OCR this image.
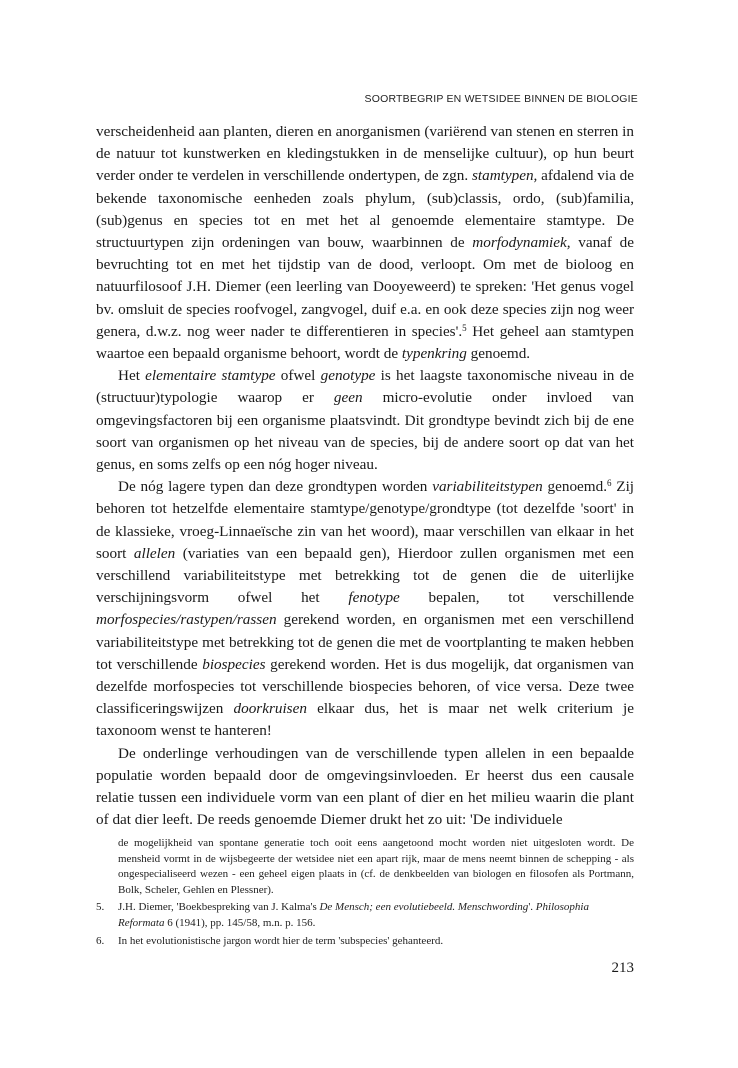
SOORTBEGRIP EN WETSIDEE BINNEN DE BIOLOGIE

verscheidenheid aan planten, dieren en anorganismen (variërend van stenen en sterren in de natuur tot kunstwerken en kledingstukken in de menselijke cultuur), op hun beurt verder onder te verdelen in verschillende ondertypen, de zgn. stamtypen, afdalend via de bekende taxonomische eenheden zoals phylum, (sub)classis, ordo, (sub)familia, (sub)genus en species tot en met het al genoemde elementaire stamtype. De structuurtypen zijn ordeningen van bouw, waarbinnen de morfodynamiek, vanaf de bevruchting tot en met het tijdstip van de dood, verloopt. Om met de bioloog en natuurfilosoof J.H. Diemer (een leerling van Dooyeweerd) te spreken: 'Het genus vogel bv. omsluit de species roofvogel, zangvogel, duif e.a. en ook deze species zijn nog weer genera, d.w.z. nog weer nader te differentieren in species'.$^5$ Het geheel aan stamtypen waartoe een bepaald organisme behoort, wordt de typenkring genoemd.

Het elementaire stamtype ofwel genotype is het laagste taxonomische niveau in de (structuur)typologie waarop er geen micro-evolutie onder invloed van omgevingsfactoren bij een organisme plaatsvindt. Dit grondtype bevindt zich bij de ene soort van organismen op het niveau van de species, bij de andere soort op dat van het genus, en soms zelfs op een nóg hoger niveau.

De nóg lagere typen dan deze grondtypen worden variabiliteitstypen genoemd.$^6$ Zij behoren tot hetzelfde elementaire stamtype/genotype/grondtype (tot dezelfde 'soort' in de klassieke, vroeg-Linnaeïsche zin van het woord), maar verschillen van elkaar in het soort allelen (variaties van een bepaald gen), Hierdoor zullen organismen met een verschillend variabiliteitstype met betrekking tot de genen die de uiterlijke verschijningsvorm ofwel het fenotype bepalen, tot verschillende morfospecies/rastypen/rassen gerekend worden, en organismen met een verschillend variabiliteitstype met betrekking tot de genen die met de voortplanting te maken hebben tot verschillende biospecies gerekend worden. Het is dus mogelijk, dat organismen van dezelfde morfospecies tot verschillende biospecies behoren, of vice versa. Deze twee classificeringswijzen doorkruisen elkaar dus, het is maar net welk criterium je taxonoom wenst te hanteren!

De onderlinge verhoudingen van de verschillende typen allelen in een bepaalde populatie worden bepaald door de omgevingsinvloeden. Er heerst dus een causale relatie tussen een individuele vorm van een plant of dier en het milieu waarin die plant of dat dier leeft. De reeds genoemde Diemer drukt het zo uit: 'De individuele

de mogelijkheid van spontane generatie toch ooit eens aangetoond mocht worden niet uitgesloten wordt. De mensheid vormt in de wijsbegeerte der wetsidee niet een apart rijk, maar de mens neemt binnen de schepping - als ongespecialiseerd wezen - een geheel eigen plaats in (cf. de denkbeelden van biologen en filosofen als Portmann, Bolk, Scheler, Gehlen en Plessner).
5.	J.H. Diemer, 'Boekbespreking van J. Kalma's De Mensch; een evolutiebeeld. Menschwording'. Philosophia Reformata 6 (1941), pp. 145/58, m.n. p. 156.
6.	In het evolutionistische jargon wordt hier de term 'subspecies' gehanteerd.
213
